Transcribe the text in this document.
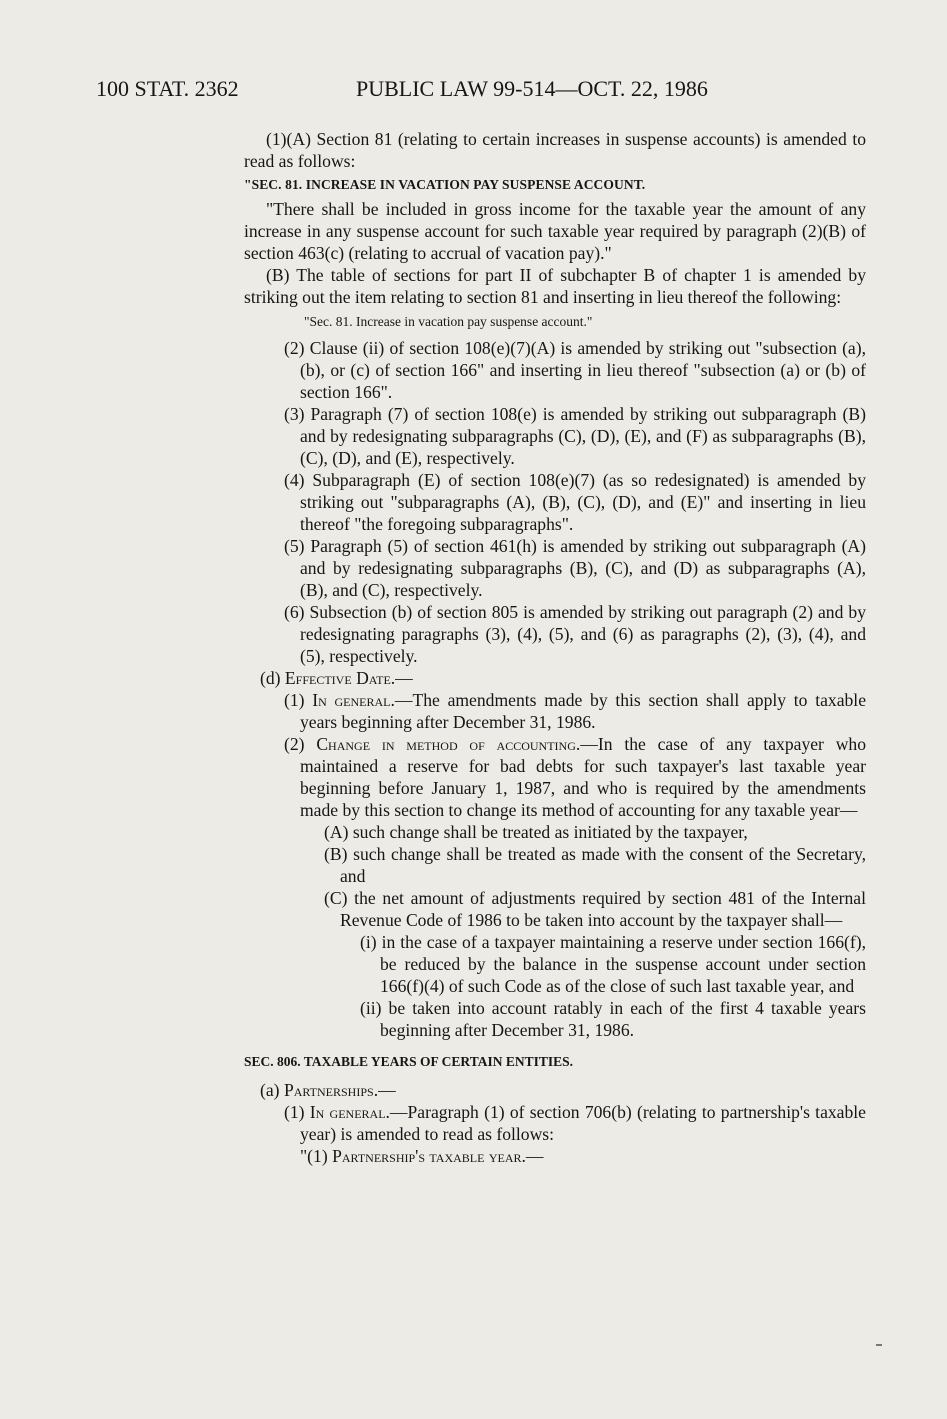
100 STAT. 2362	PUBLIC LAW 99-514—OCT. 22, 1986

(1)(A) Section 81 (relating to certain increases in suspense accounts) is amended to read as follows:

"SEC. 81. INCREASE IN VACATION PAY SUSPENSE ACCOUNT.

"There shall be included in gross income for the taxable year the amount of any increase in any suspense account for such taxable year required by paragraph (2)(B) of section 463(c) (relating to accrual of vacation pay)."

(B) The table of sections for part II of subchapter B of chapter 1 is amended by striking out the item relating to section 81 and inserting in lieu thereof the following:

"Sec. 81. Increase in vacation pay suspense account."

(2) Clause (ii) of section 108(e)(7)(A) is amended by striking out "subsection (a), (b), or (c) of section 166" and inserting in lieu thereof "subsection (a) or (b) of section 166".

(3) Paragraph (7) of section 108(e) is amended by striking out subparagraph (B) and by redesignating subparagraphs (C), (D), (E), and (F) as subparagraphs (B), (C), (D), and (E), respectively.

(4) Subparagraph (E) of section 108(e)(7) (as so redesignated) is amended by striking out "subparagraphs (A), (B), (C), (D), and (E)" and inserting in lieu thereof "the foregoing subparagraphs".

(5) Paragraph (5) of section 461(h) is amended by striking out subparagraph (A) and by redesignating subparagraphs (B), (C), and (D) as subparagraphs (A), (B), and (C), respectively.

(6) Subsection (b) of section 805 is amended by striking out paragraph (2) and by redesignating paragraphs (3), (4), (5), and (6) as paragraphs (2), (3), (4), and (5), respectively.

(d) Effective Date.—

(1) In general.—The amendments made by this section shall apply to taxable years beginning after December 31, 1986.

(2) Change in method of accounting.—In the case of any taxpayer who maintained a reserve for bad debts for such taxpayer's last taxable year beginning before January 1, 1987, and who is required by the amendments made by this section to change its method of accounting for any taxable year—

(A) such change shall be treated as initiated by the taxpayer,

(B) such change shall be treated as made with the consent of the Secretary, and

(C) the net amount of adjustments required by section 481 of the Internal Revenue Code of 1986 to be taken into account by the taxpayer shall—

(i) in the case of a taxpayer maintaining a reserve under section 166(f), be reduced by the balance in the suspense account under section 166(f)(4) of such Code as of the close of such last taxable year, and

(ii) be taken into account ratably in each of the first 4 taxable years beginning after December 31, 1986.

SEC. 806. TAXABLE YEARS OF CERTAIN ENTITIES.

(a) Partnerships.—

(1) In general.—Paragraph (1) of section 706(b) (relating to partnership's taxable year) is amended to read as follows:

"(1) Partnership's taxable year.—
